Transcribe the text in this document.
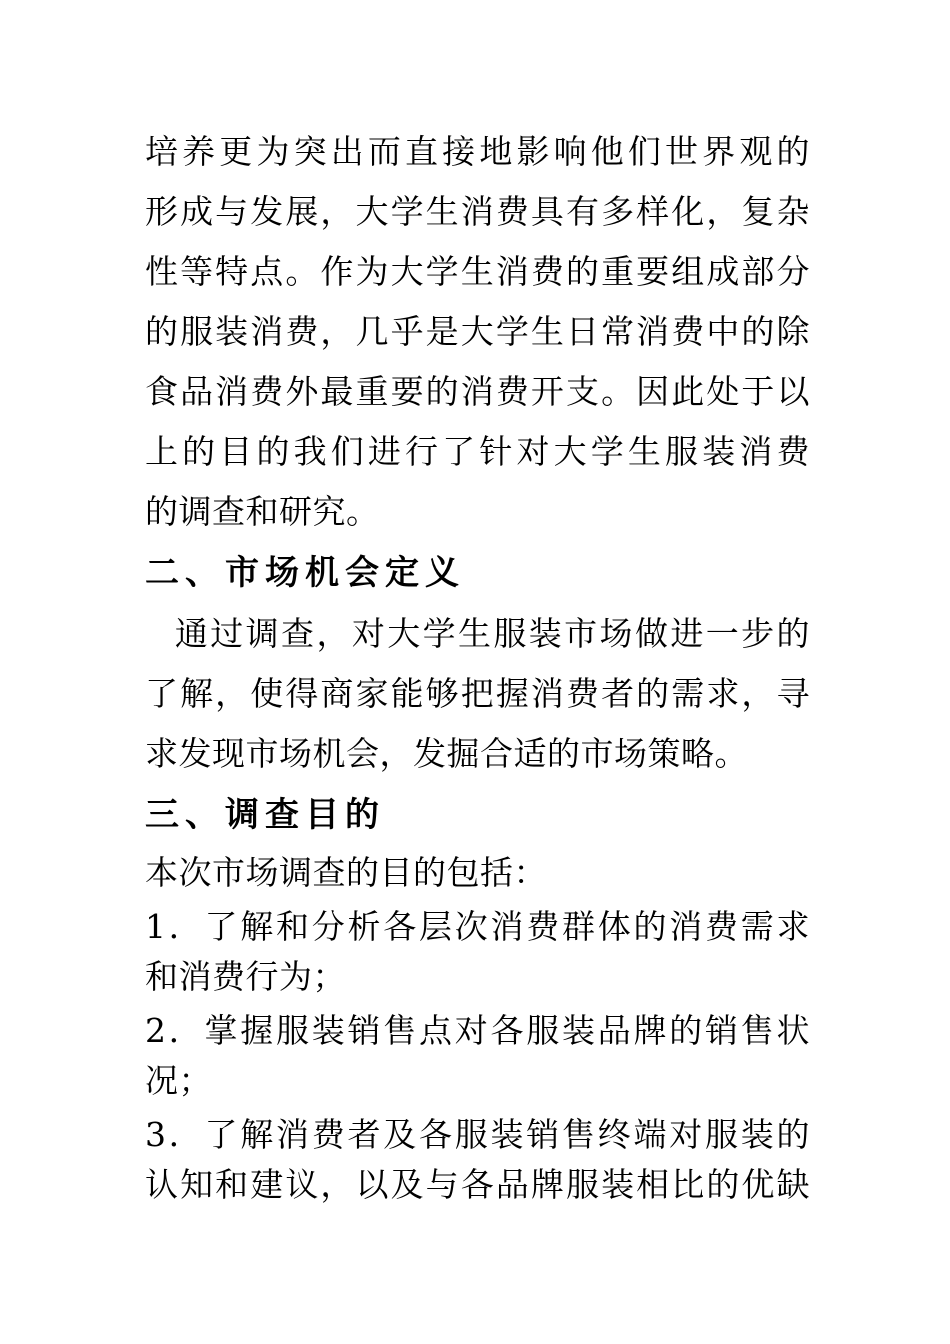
培养更为突出而直接地影响他们世界观的
形成与发展，大学生消费具有多样化，复杂
性等特点。作为大学生消费的重要组成部分
的服装消费，几乎是大学生日常消费中的除
食品消费外最重要的消费开支。因此处于以
上的目的我们进行了针对大学生服装消费
的调查和研究。
二、市场机会定义
通过调查，对大学生服装市场做进一步的
了解，使得商家能够把握消费者的需求，寻
求发现市场机会，发掘合适的市场策略。
三、调查目的
本次市场调查的目的包括：
1．了解和分析各层次消费群体的消费需求
和消费行为；
2．掌握服装销售点对各服装品牌的销售状
况；
3．了解消费者及各服装销售终端对服装的
认知和建议，以及与各品牌服装相比的优缺
